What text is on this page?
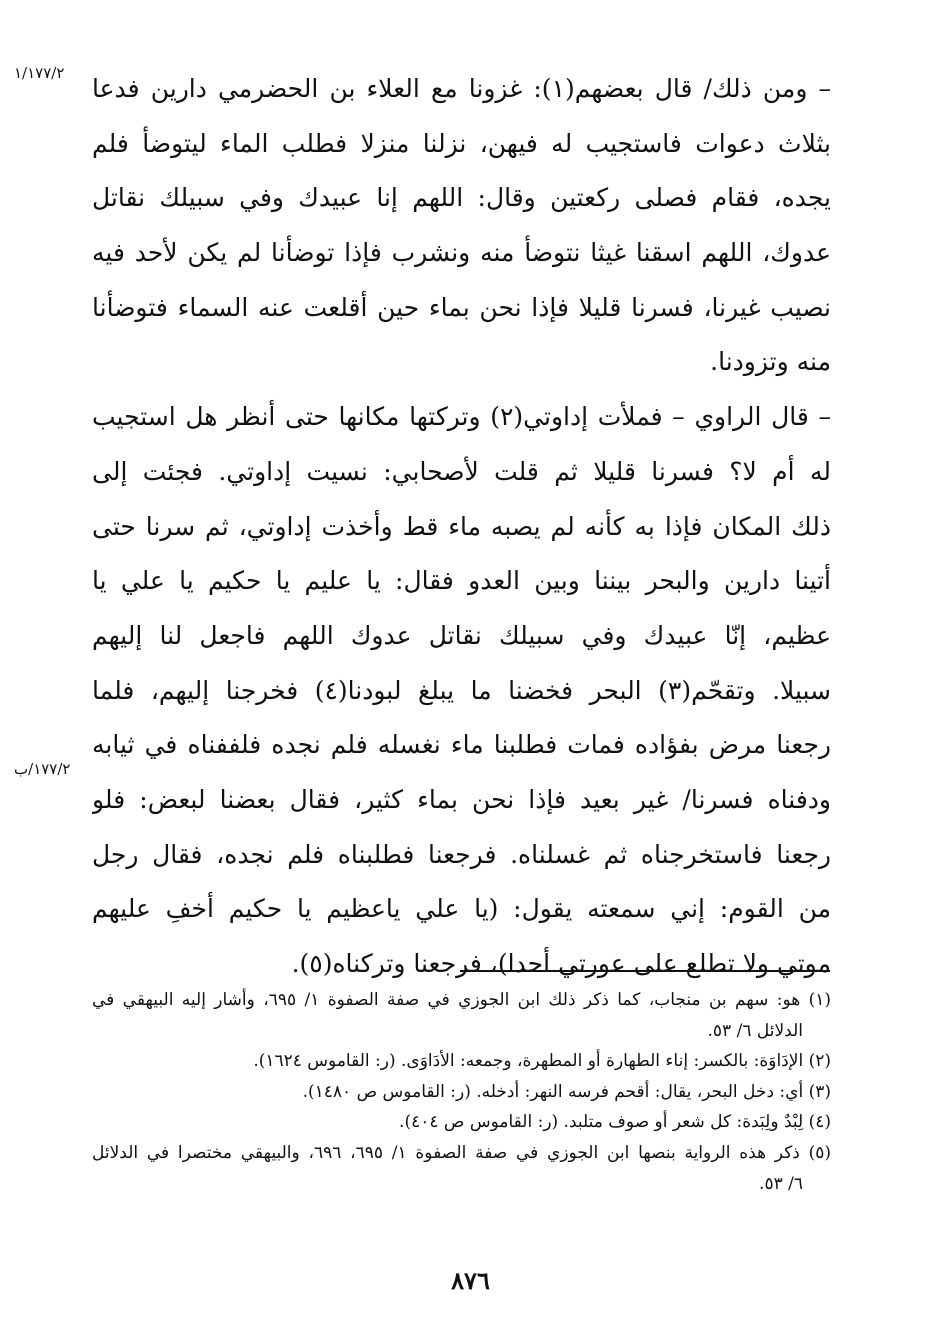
١/١٧٧/٢
١٧٧/٢/ب
– ومن ذلك/ قال بعضهم(١): غزونا مع العلاء بن الحضرمي دارين فدعا
بثلاث دعوات فاستجيب له فيهن، نزلنا منزلا فطلب الماء ليتوضأ فلم
يجده، فقام فصلى ركعتين وقال: اللهم إنا عبيدك وفي سبيلك نقاتل
عدوك، اللهم اسقنا غيثا نتوضأ منه ونشرب فإذا توضأنا لم يكن لأحد فيه
نصيب غيرنا، فسرنا قليلا فإذا نحن بماء حين أقلعت عنه السماء فتوضأنا
منه وتزودنا.
– قال الراوي – فملأت إداوتي(٢) وتركتها مكانها حتى أنظر هل استجيب
له أم لا؟ فسرنا قليلا ثم قلت لأصحابي: نسيت إداوتي. فجئت إلى
ذلك المكان فإذا به كأنه لم يصبه ماء قط وأخذت إداوتي، ثم سرنا حتى
أتينا دارين والبحر بيننا وبين العدو فقال: يا عليم يا حكيم يا علي يا
عظيم، إنّا عبيدك وفي سبيلك نقاتل عدوك اللهم فاجعل لنا إليهم
سبيلا. وتقحّم(٣) البحر فخضنا ما يبلغ لبودنا(٤) فخرجنا إليهم، فلما
رجعنا مرض بفؤاده فمات فطلبنا ماء نغسله فلم نجده فلففناه في ثيابه
ودفناه فسرنا/ غير بعيد فإذا نحن بماء كثير، فقال بعضنا لبعض: فلو
رجعنا فاستخرجناه ثم غسلناه. فرجعنا فطلبناه فلم نجده، فقال رجل
من القوم: إني سمعته يقول: (يا علي ياعظيم يا حكيم أخفِ عليهم
موتي ولا تطلع على عورتي أحدا)، فرجعنا وتركناه(٥).
(١) هو: سهم بن منجاب، كما ذكر ذلك ابن الجوزي في صفة الصفوة ١/ ٦٩٥، وأشار إليه البيهقي في
الدلائل ٦/ ٥٣.
(٢) الإدَاوَة: بالكسر: إناء الطهارة أو المطهرة، وجمعه: الأدَاوَى. (ر: القاموس ١٦٢٤).
(٣) أي: دخل البحر، يقال: أقحم فرسه النهر: أدخله. (ر: القاموس ص ١٤٨٠).
(٤) لِبْدٌ ولِبَدة: كل شعر أو صوف متلبد. (ر: القاموس ص ٤٠٤).
(٥) ذكر هذه الرواية بنصها ابن الجوزي في صفة الصفوة ١/ ٦٩٥، ٦٩٦، والبيهقي مختصرا في الدلائل
٦/ ٥٣.
٨٧٦
